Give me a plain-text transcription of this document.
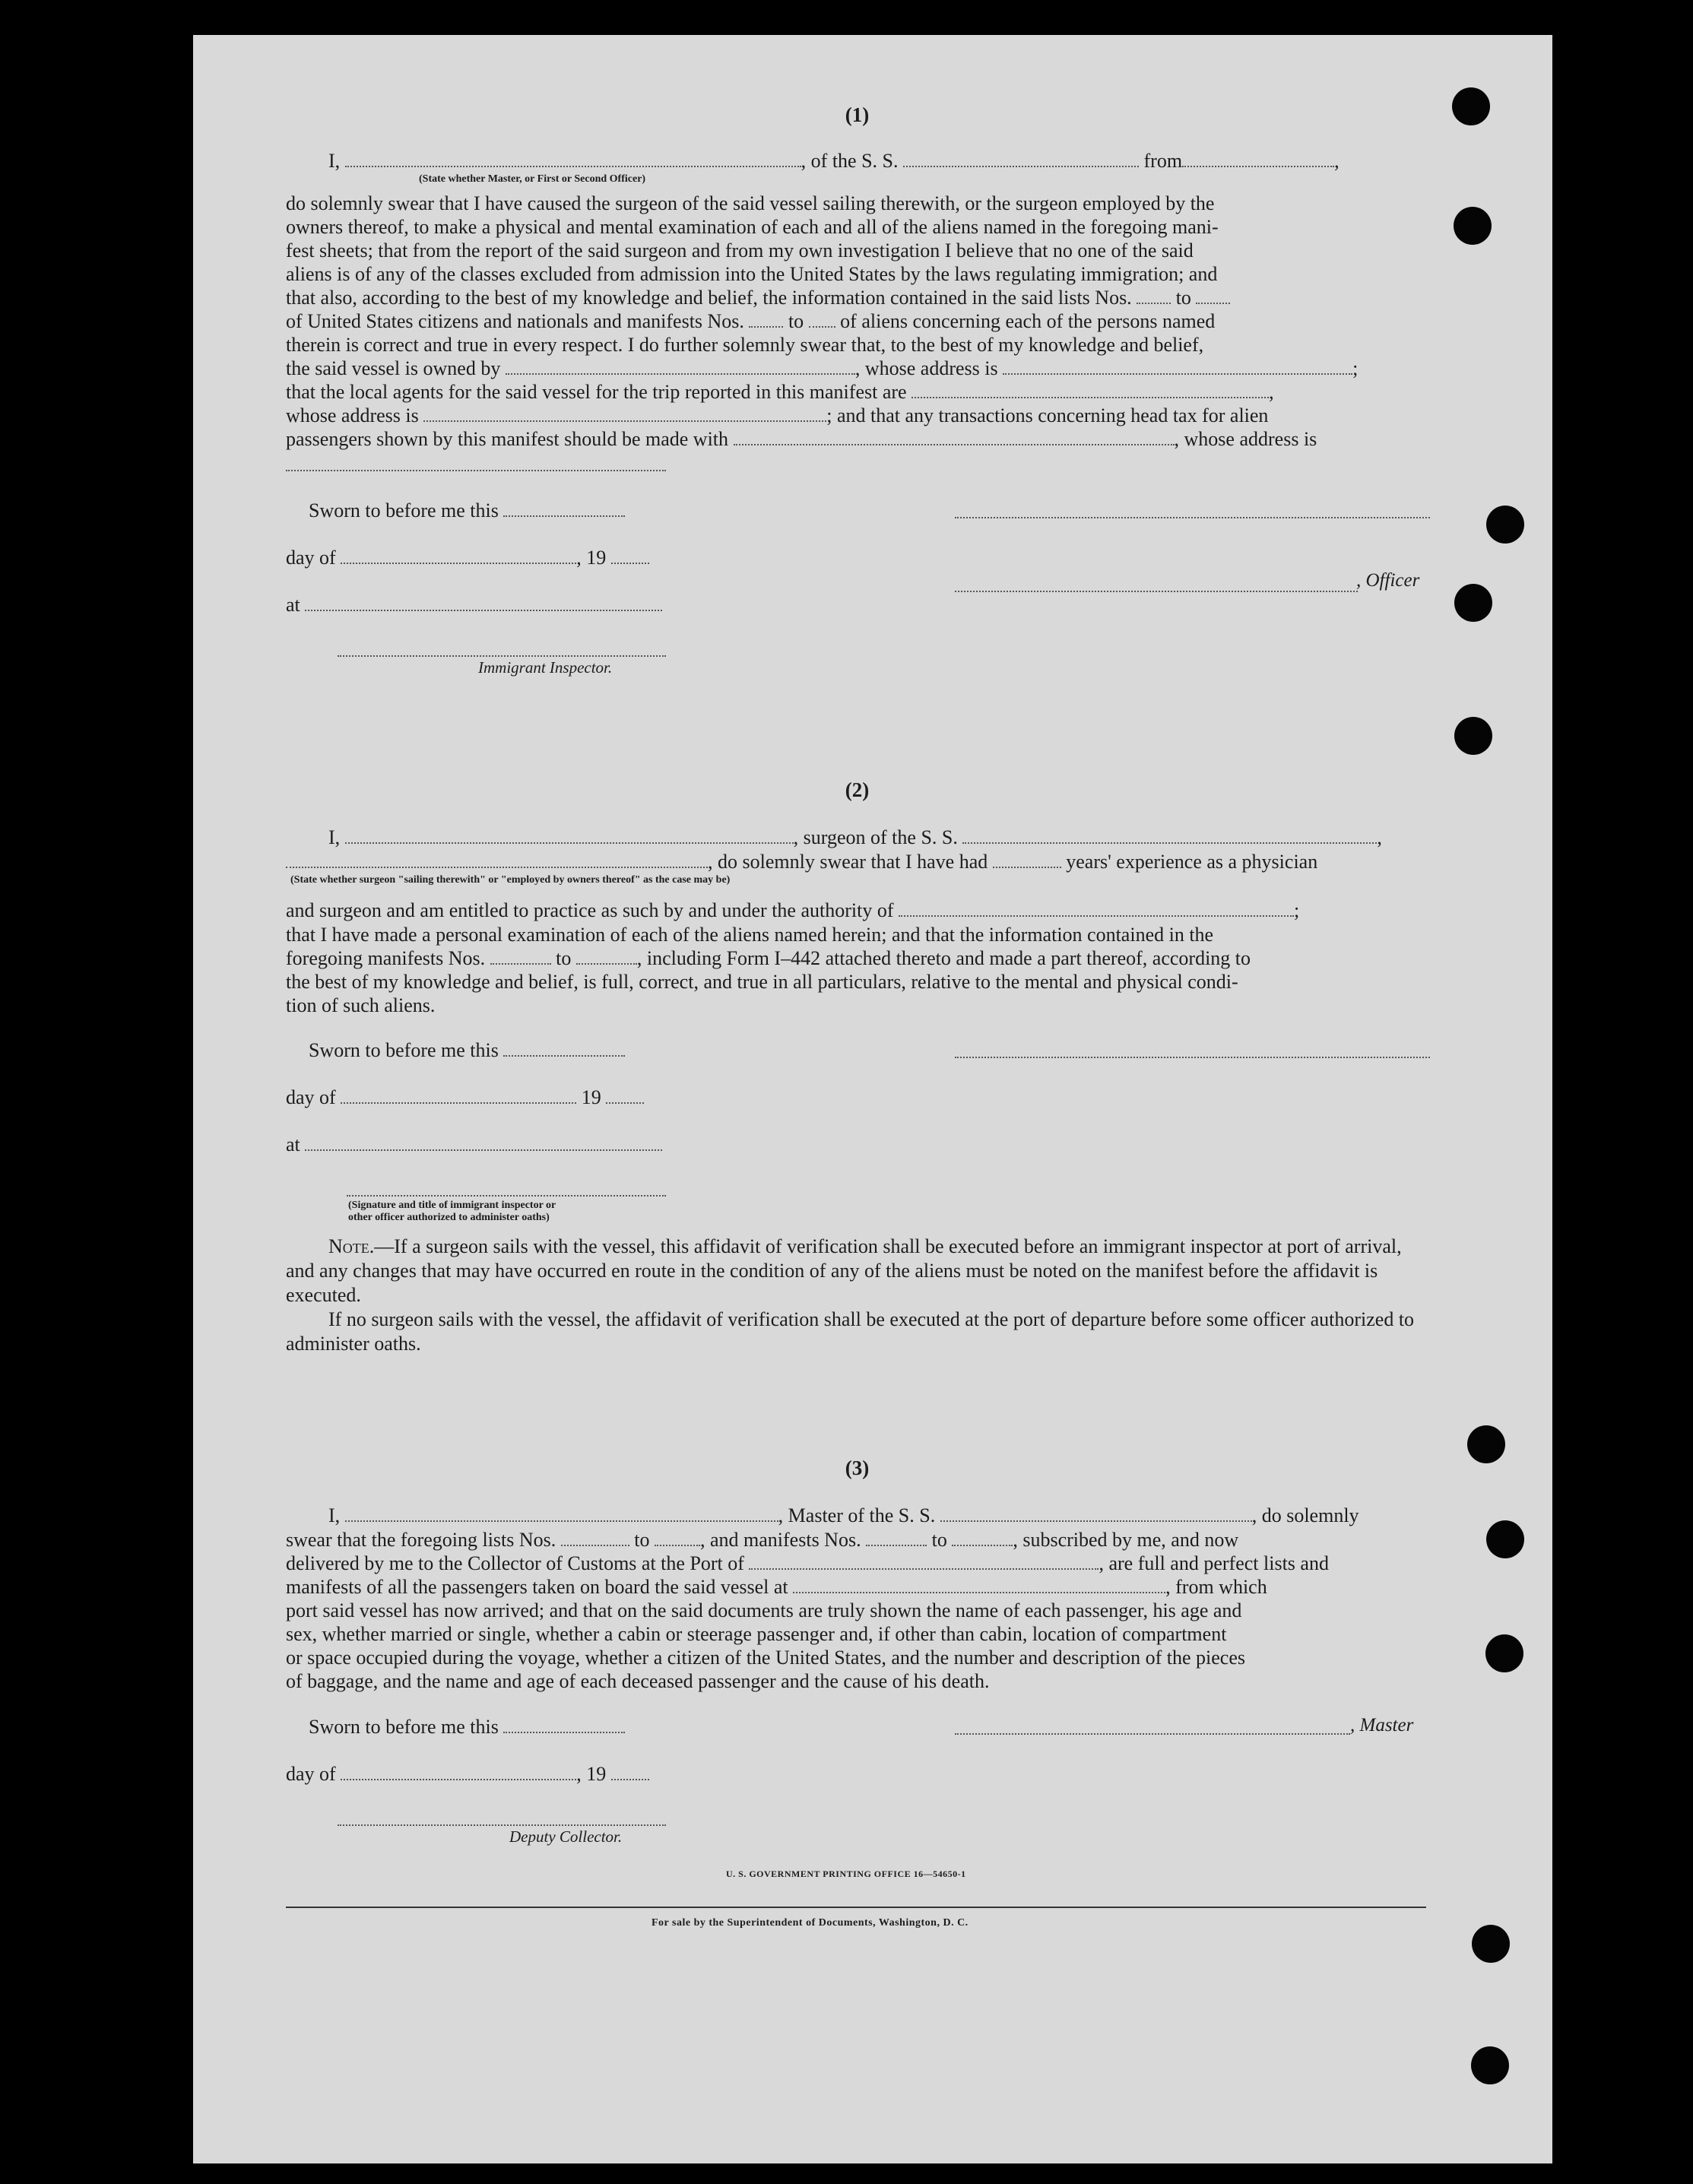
(1)
I,	, of the S. S.	from	,
(State whether Master, or First or Second Officer)
do solemnly swear that I have caused the surgeon of the said vessel sailing therewith, or the surgeon employed by the
owners thereof, to make a physical and mental examination of each and all of the aliens named in the foregoing mani-
fest sheets; that from the report of the said surgeon and from my own investigation I believe that no one of the said
aliens is of any of the classes excluded from admission into the United States by the laws regulating immigration; and
that also, according to the best of my knowledge and belief, the information contained in the said lists Nos. to
of United States citizens and nationals and manifests Nos. to of aliens concerning each of the persons named
therein is correct and true in every respect. I do further solemnly swear that, to the best of my knowledge and belief,
the said vessel is owned by	, whose address is	;
that the local agents for the said vessel for the trip reported in this manifest are	,
whose address is	; and that any transactions concerning head tax for alien
passengers shown by this manifest should be made with	, whose address is
Sworn to before me this
day of	, 19
, Officer
at
Immigrant Inspector.
(2)
I,	, surgeon of the S. S.	,
, do solemnly swear that I have had	years' experience as a physician
(State whether surgeon "sailing therewith" or "employed by owners thereof" as the case may be)
and surgeon and am entitled to practice as such by and under the authority of	;
that I have made a personal examination of each of the aliens named herein; and that the information contained in the
foregoing manifests Nos.	to	, including Form I–442 attached thereto and made a part thereof, according to
the best of my knowledge and belief, is full, correct, and true in all particulars, relative to the mental and physical condi-
tion of such aliens.
Sworn to before me this
day of	19
at
(Signature and title of immigrant inspector or
other officer authorized to administer oaths)
Note.—If a surgeon sails with the vessel, this affidavit of verification shall be executed before an immigrant inspector at port of arrival, and any changes that may have occurred en route in the condition of any of the aliens must be noted on the manifest before the affidavit is executed.
If no surgeon sails with the vessel, the affidavit of verification shall be executed at the port of departure before some officer authorized to administer oaths.
(3)
I,	, Master of the S. S.	, do solemnly
swear that the foregoing lists Nos.	to	, and manifests Nos.	to	, subscribed by me, and now
delivered by me to the Collector of Customs at the Port of	, are full and perfect lists and
manifests of all the passengers taken on board the said vessel at	, from which
port said vessel has now arrived; and that on the said documents are truly shown the name of each passenger, his age and
sex, whether married or single, whether a cabin or steerage passenger and, if other than cabin, location of compartment
or space occupied during the voyage, whether a citizen of the United States, and the number and description of the pieces
of baggage, and the name and age of each deceased passenger and the cause of his death.
Sworn to before me this	, Master
day of	, 19
Deputy Collector.
U. S. GOVERNMENT PRINTING OFFICE 16—54650-1
For sale by the Superintendent of Documents, Washington, D. C.
